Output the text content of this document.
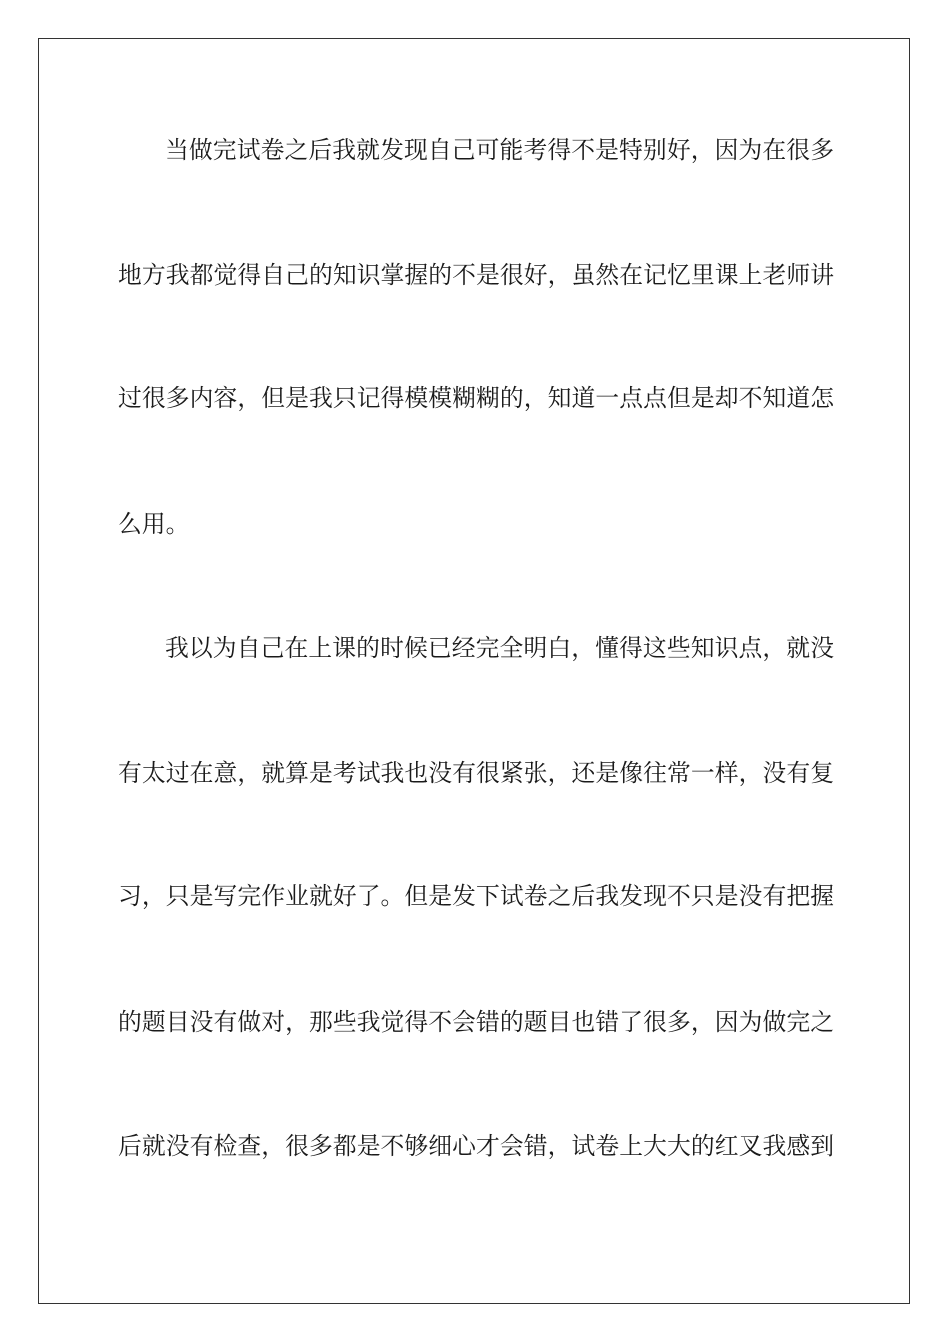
当做完试卷之后我就发现自己可能考得不是特别好，因为在很多
地方我都觉得自己的知识掌握的不是很好，虽然在记忆里课上老师讲
过很多内容，但是我只记得模模糊糊的，知道一点点但是却不知道怎
么用。
我以为自己在上课的时候已经完全明白，懂得这些知识点，就没
有太过在意，就算是考试我也没有很紧张，还是像往常一样，没有复
习，只是写完作业就好了。但是发下试卷之后我发现不只是没有把握
的题目没有做对，那些我觉得不会错的题目也错了很多，因为做完之
后就没有检查，很多都是不够细心才会错，试卷上大大的红叉我感到
